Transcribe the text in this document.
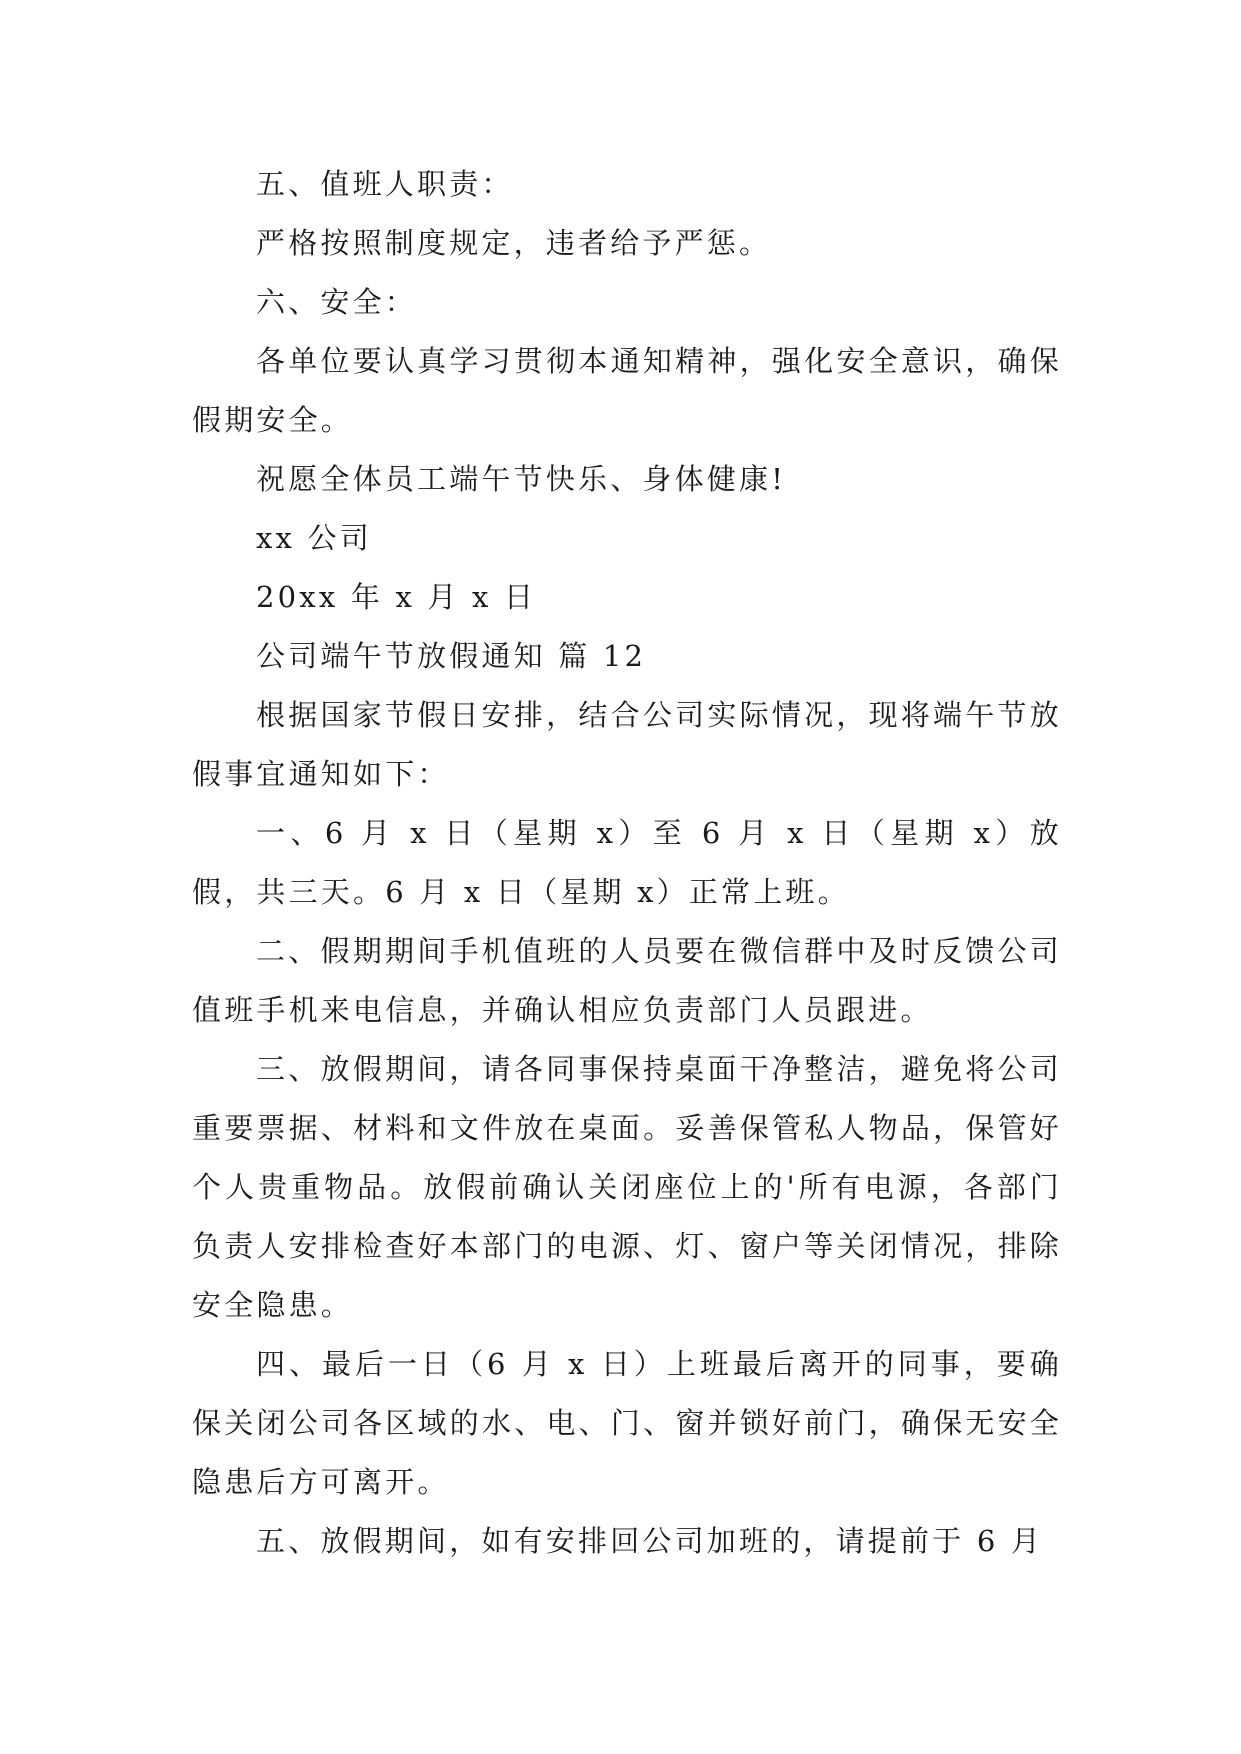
五、值班人职责：

严格按照制度规定，违者给予严惩。

六、安全：

各单位要认真学习贯彻本通知精神，强化安全意识，确保假期安全。

祝愿全体员工端午节快乐、身体健康!

xx 公司

20xx 年 x 月 x 日

公司端午节放假通知 篇 12

根据国家节假日安排，结合公司实际情况，现将端午节放假事宜通知如下：

一、6 月 x 日（星期 x）至 6 月 x 日（星期 x）放假，共三天。6 月 x 日（星期 x）正常上班。

二、假期期间手机值班的人员要在微信群中及时反馈公司值班手机来电信息，并确认相应负责部门人员跟进。

三、放假期间，请各同事保持桌面干净整洁，避免将公司重要票据、材料和文件放在桌面。妥善保管私人物品，保管好个人贵重物品。放假前确认关闭座位上的'所有电源，各部门负责人安排检查好本部门的电源、灯、窗户等关闭情况，排除安全隐患。

四、最后一日（6 月 x 日）上班最后离开的同事，要确保关闭公司各区域的水、电、门、窗并锁好前门，确保无安全隐患后方可离开。

五、放假期间，如有安排回公司加班的，请提前于 6 月
